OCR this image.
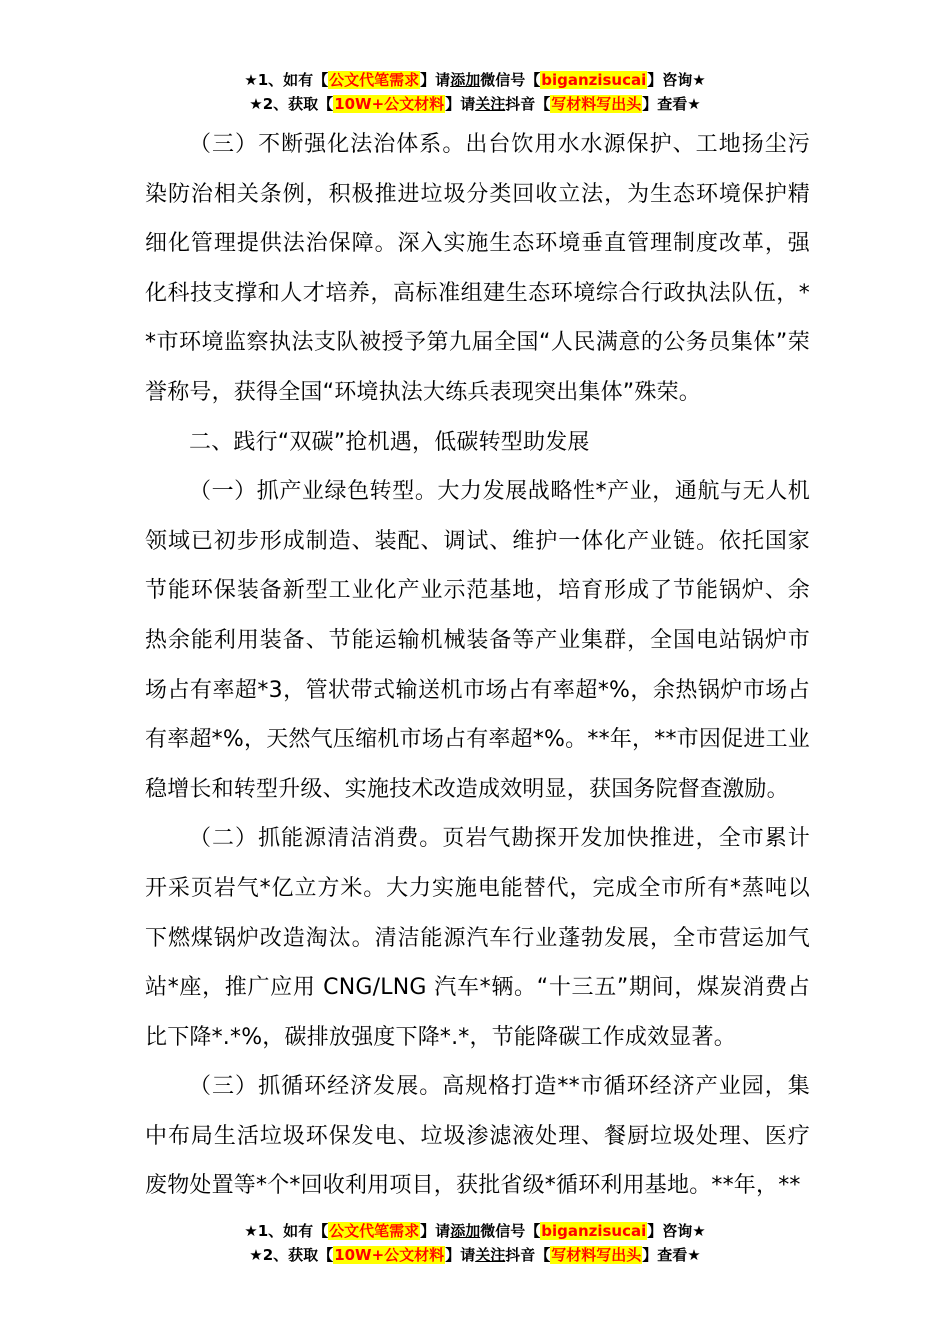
★1、如有【公文代笔需求】请添加微信号【biganzisucai】咨询★
★2、获取【10W+公文材料】请关注抖音【写材料写出头】查看★

（三）不断强化法治体系。出台饮用水水源保护、工地扬尘污染防治相关条例，积极推进垃圾分类回收立法，为生态环境保护精细化管理提供法治保障。深入实施生态环境垂直管理制度改革，强化科技支撑和人才培养，高标准组建生态环境综合行政执法队伍，**市环境监察执法支队被授予第九届全国“人民满意的公务员集体”荣誉称号，获得全国“环境执法大练兵表现突出集体”殊荣。

二、践行“双碳”抢机遇，低碳转型助发展

（一）抓产业绿色转型。大力发展战略性*产业，通航与无人机领域已初步形成制造、装配、调试、维护一体化产业链。依托国家节能环保装备新型工业化产业示范基地，培育形成了节能锅炉、余热余能利用装备、节能运输机械装备等产业集群，全国电站锅炉市场占有率超*3，管状带式输送机市场占有率超*%，余热锅炉市场占有率超*%，天然气压缩机市场占有率超*%。**年，**市因促进工业稳增长和转型升级、实施技术改造成效明显，获国务院督查激励。

（二）抓能源清洁消费。页岩气勘探开发加快推进，全市累计开采页岩气*亿立方米。大力实施电能替代，完成全市所有*蒸吨以下燃煤锅炉改造淘汰。清洁能源汽车行业蓬勃发展，全市营运加气站*座，推广应用 CNG/LNG 汽车*辆。“十三五”期间，煤炭消费占比下降*.*%，碳排放强度下降*.*，节能降碳工作成效显著。

（三）抓循环经济发展。高规格打造**市循环经济产业园，集中布局生活垃圾环保发电、垃圾渗滤液处理、餐厨垃圾处理、医疗废物处置等*个*回收利用项目，获批省级*循环利用基地。**年，**

★1、如有【公文代笔需求】请添加微信号【biganzisucai】咨询★
★2、获取【10W+公文材料】请关注抖音【写材料写出头】查看★
